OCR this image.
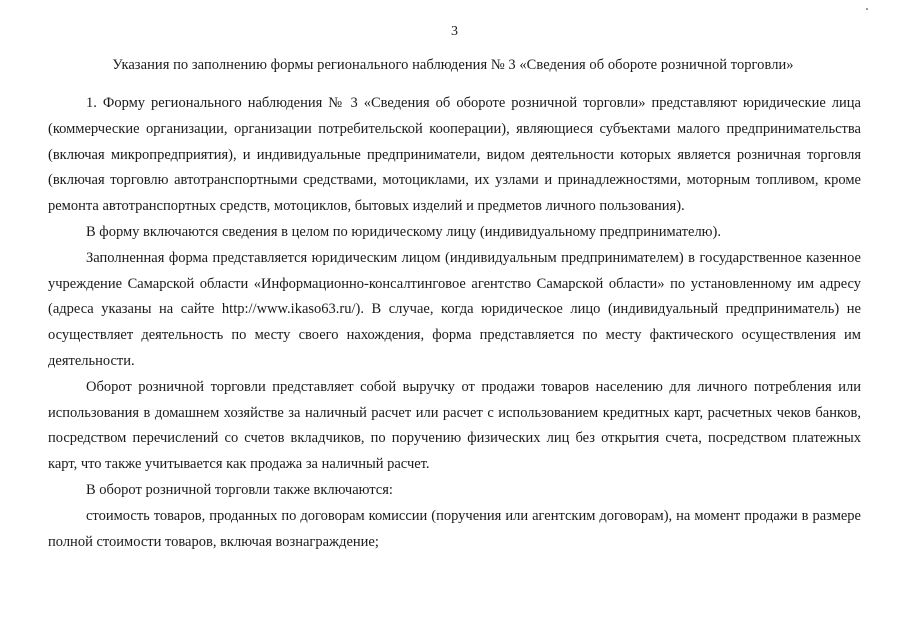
3
Указания по заполнению формы регионального наблюдения № 3 «Сведения об обороте розничной торговли»

1. Форму регионального наблюдения № 3 «Сведения об обороте розничной торговли» представляют юридические лица (коммерческие организации, организации потребительской кооперации), являющиеся субъектами малого предпринимательства (включая микропредприятия), и индивидуальные предприниматели, видом деятельности которых является розничная торговля (включая торговлю автотранспортными средствами, мотоциклами, их узлами и принадлежностями, моторным топливом, кроме ремонта автотранспортных средств, мотоциклов, бытовых изделий и предметов личного пользования).

В форму включаются сведения в целом по юридическому лицу (индивидуальному предпринимателю).

Заполненная форма представляется юридическим лицом (индивидуальным предпринимателем) в государственное казенное учреждение Самарской области «Информационно-консалтинговое агентство Самарской области» по установленному им адресу (адреса указаны на сайте http://www.ikaso63.ru/). В случае, когда юридическое лицо (индивидуальный предприниматель) не осуществляет деятельность по месту своего нахождения, форма представляется по месту фактического осуществления им деятельности.

Оборот розничной торговли представляет собой выручку от продажи товаров населению для личного потребления или использования в домашнем хозяйстве за наличный расчет или расчет с использованием кредитных карт, расчетных чеков банков, посредством перечислений со счетов вкладчиков, по поручению физических лиц без открытия счета, посредством платежных карт, что также учитывается как продажа за наличный расчет.

В оборот розничной торговли также включаются:

стоимость товаров, проданных по договорам комиссии (поручения или агентским договорам), на момент продажи в размере полной стоимости товаров, включая вознаграждение;
